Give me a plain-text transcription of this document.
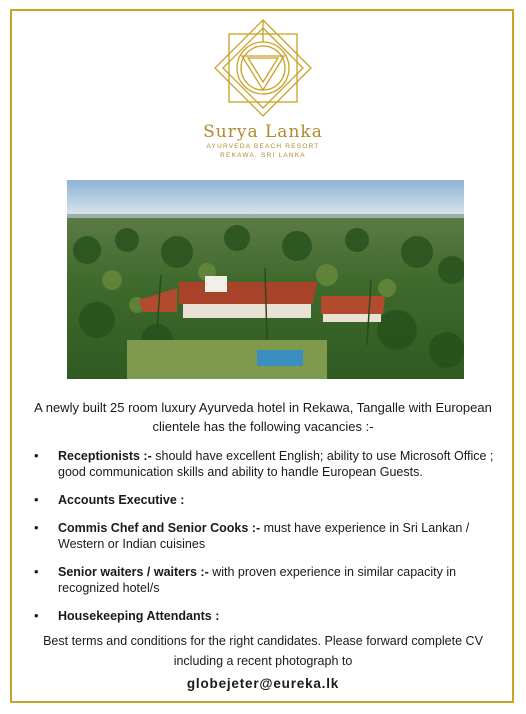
Surya Lanka
AYURVEDA BEACH RESORT
REKAWA, SRI LANKA
A newly built 25 room luxury Ayurveda hotel in Rekawa, Tangalle with European clientele has the following vacancies :-
• Receptionists :- should have excellent English; ability to use Microsoft Office ; good communication skills and ability to handle European Guests.
• Accounts Executive :
• Commis Chef and Senior Cooks :- must have experience in Sri Lankan / Western or Indian cuisines
• Senior waiters / waiters :- with proven experience in similar capacity in recognized hotel/s
• Housekeeping Attendants :
Best terms and conditions for the right candidates. Please forward complete CV including a recent photograph to
globejeter@eureka.lk
